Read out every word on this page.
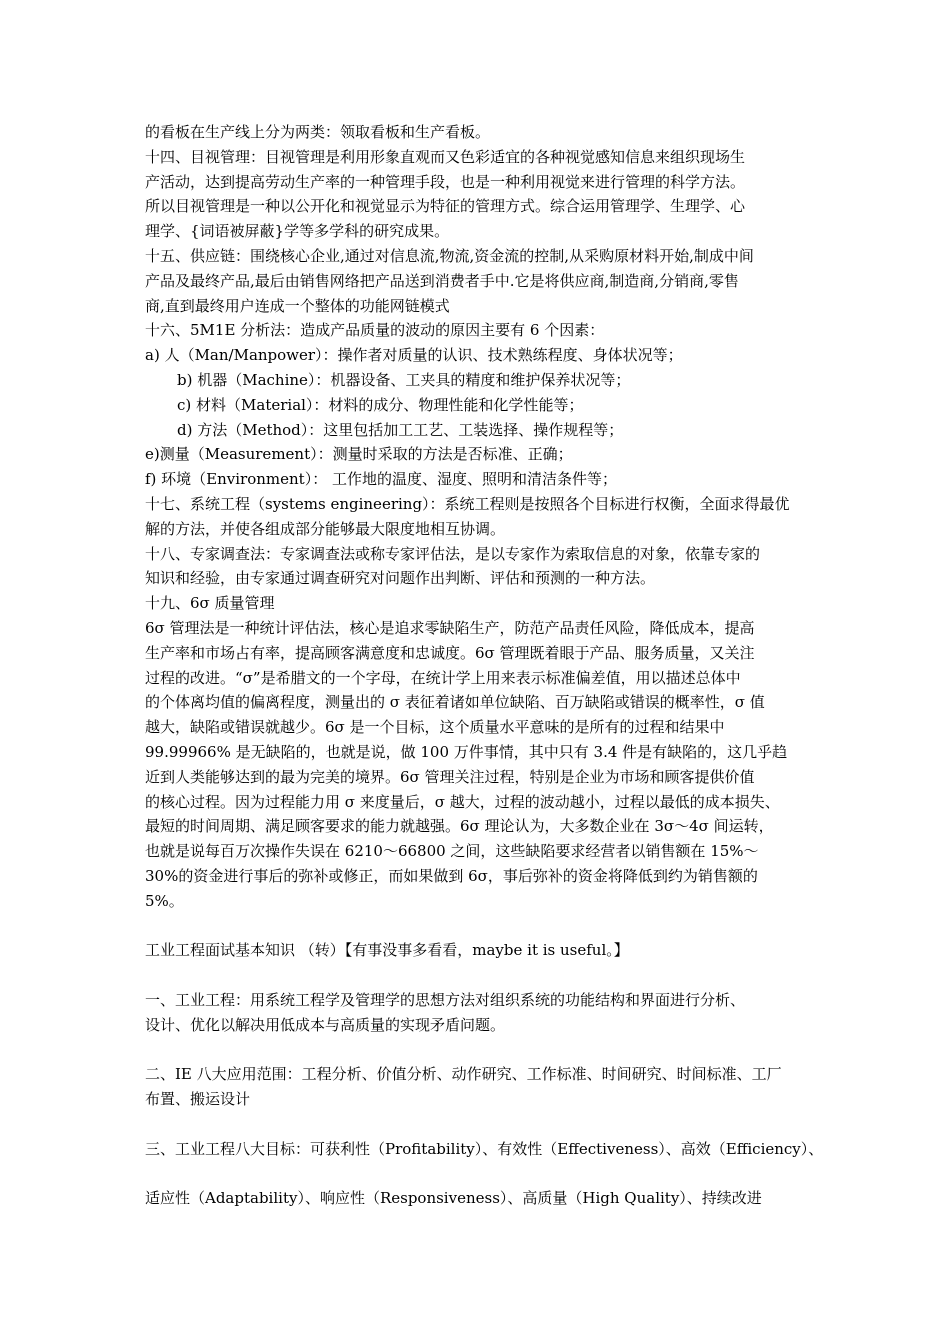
的看板在生产线上分为两类：领取看板和生产看板。
十四、目视管理：目视管理是利用形象直观而又色彩适宜的各种视觉感知信息来组织现场生
产活动，达到提高劳动生产率的一种管理手段，也是一种利用视觉来进行管理的科学方法。
所以目视管理是一种以公开化和视觉显示为特征的管理方式。综合运用管理学、生理学、心
理学、{词语被屏蔽}学等多学科的研究成果。
十五、供应链：围绕核心企业,通过对信息流,物流,资金流的控制,从采购原材料开始,制成中间
产品及最终产品,最后由销售网络把产品送到消费者手中.它是将供应商,制造商,分销商,零售
商,直到最终用户连成一个整体的功能网链模式
十六、5M1E 分析法：造成产品质量的波动的原因主要有 6 个因素：
a) 人（Man/Manpower）：操作者对质量的认识、技术熟练程度、身体状况等；
b) 机器（Machine）：机器设备、工夹具的精度和维护保养状况等；
c) 材料（Material）：材料的成分、物理性能和化学性能等；
d) 方法（Method）：这里包括加工工艺、工装选择、操作规程等；
e)测量（Measurement）：测量时采取的方法是否标准、正确；
f) 环境（Environment）： 工作地的温度、湿度、照明和清洁条件等；
十七、系统工程（systems engineering）：系统工程则是按照各个目标进行权衡，全面求得最优
解的方法，并使各组成部分能够最大限度地相互协调。
十八、专家调查法：专家调查法或称专家评估法，是以专家作为索取信息的对象，依靠专家的
知识和经验，由专家通过调查研究对问题作出判断、评估和预测的一种方法。
十九、6σ 质量管理
6σ 管理法是一种统计评估法，核心是追求零缺陷生产，防范产品责任风险，降低成本，提高
生产率和市场占有率，提高顾客满意度和忠诚度。6σ 管理既着眼于产品、服务质量，又关注
过程的改进。“σ”是希腊文的一个字母，在统计学上用来表示标准偏差值，用以描述总体中
的个体离均值的偏离程度，测量出的 σ 表征着诸如单位缺陷、百万缺陷或错误的概率性，σ 值
越大，缺陷或错误就越少。6σ 是一个目标，这个质量水平意味的是所有的过程和结果中
99.99966% 是无缺陷的，也就是说，做 100 万件事情，其中只有 3.4 件是有缺陷的，这几乎趋
近到人类能够达到的最为完美的境界。6σ 管理关注过程，特别是企业为市场和顾客提供价值
的核心过程。因为过程能力用 σ 来度量后，σ 越大，过程的波动越小，过程以最低的成本损失、
最短的时间周期、满足顾客要求的能力就越强。6σ 理论认为，大多数企业在 3σ～4σ 间运转，
也就是说每百万次操作失误在 6210～66800 之间，这些缺陷要求经营者以销售额在 15%～
30%的资金进行事后的弥补或修正，而如果做到 6σ，事后弥补的资金将降低到约为销售额的
5%。
工业工程面试基本知识 （转）【有事没事多看看，maybe it is useful。】
一、工业工程：用系统工程学及管理学的思想方法对组织系统的功能结构和界面进行分析、
设计、优化以解决用低成本与高质量的实现矛盾问题。
二、IE 八大应用范围：工程分析、价值分析、动作研究、工作标准、时间研究、时间标准、工厂
布置、搬运设计
三、工业工程八大目标：可获利性（Profitability）、有效性（Effectiveness）、高效（Efficiency）、
适应性（Adaptability）、响应性（Responsiveness）、高质量（High Quality）、持续改进
